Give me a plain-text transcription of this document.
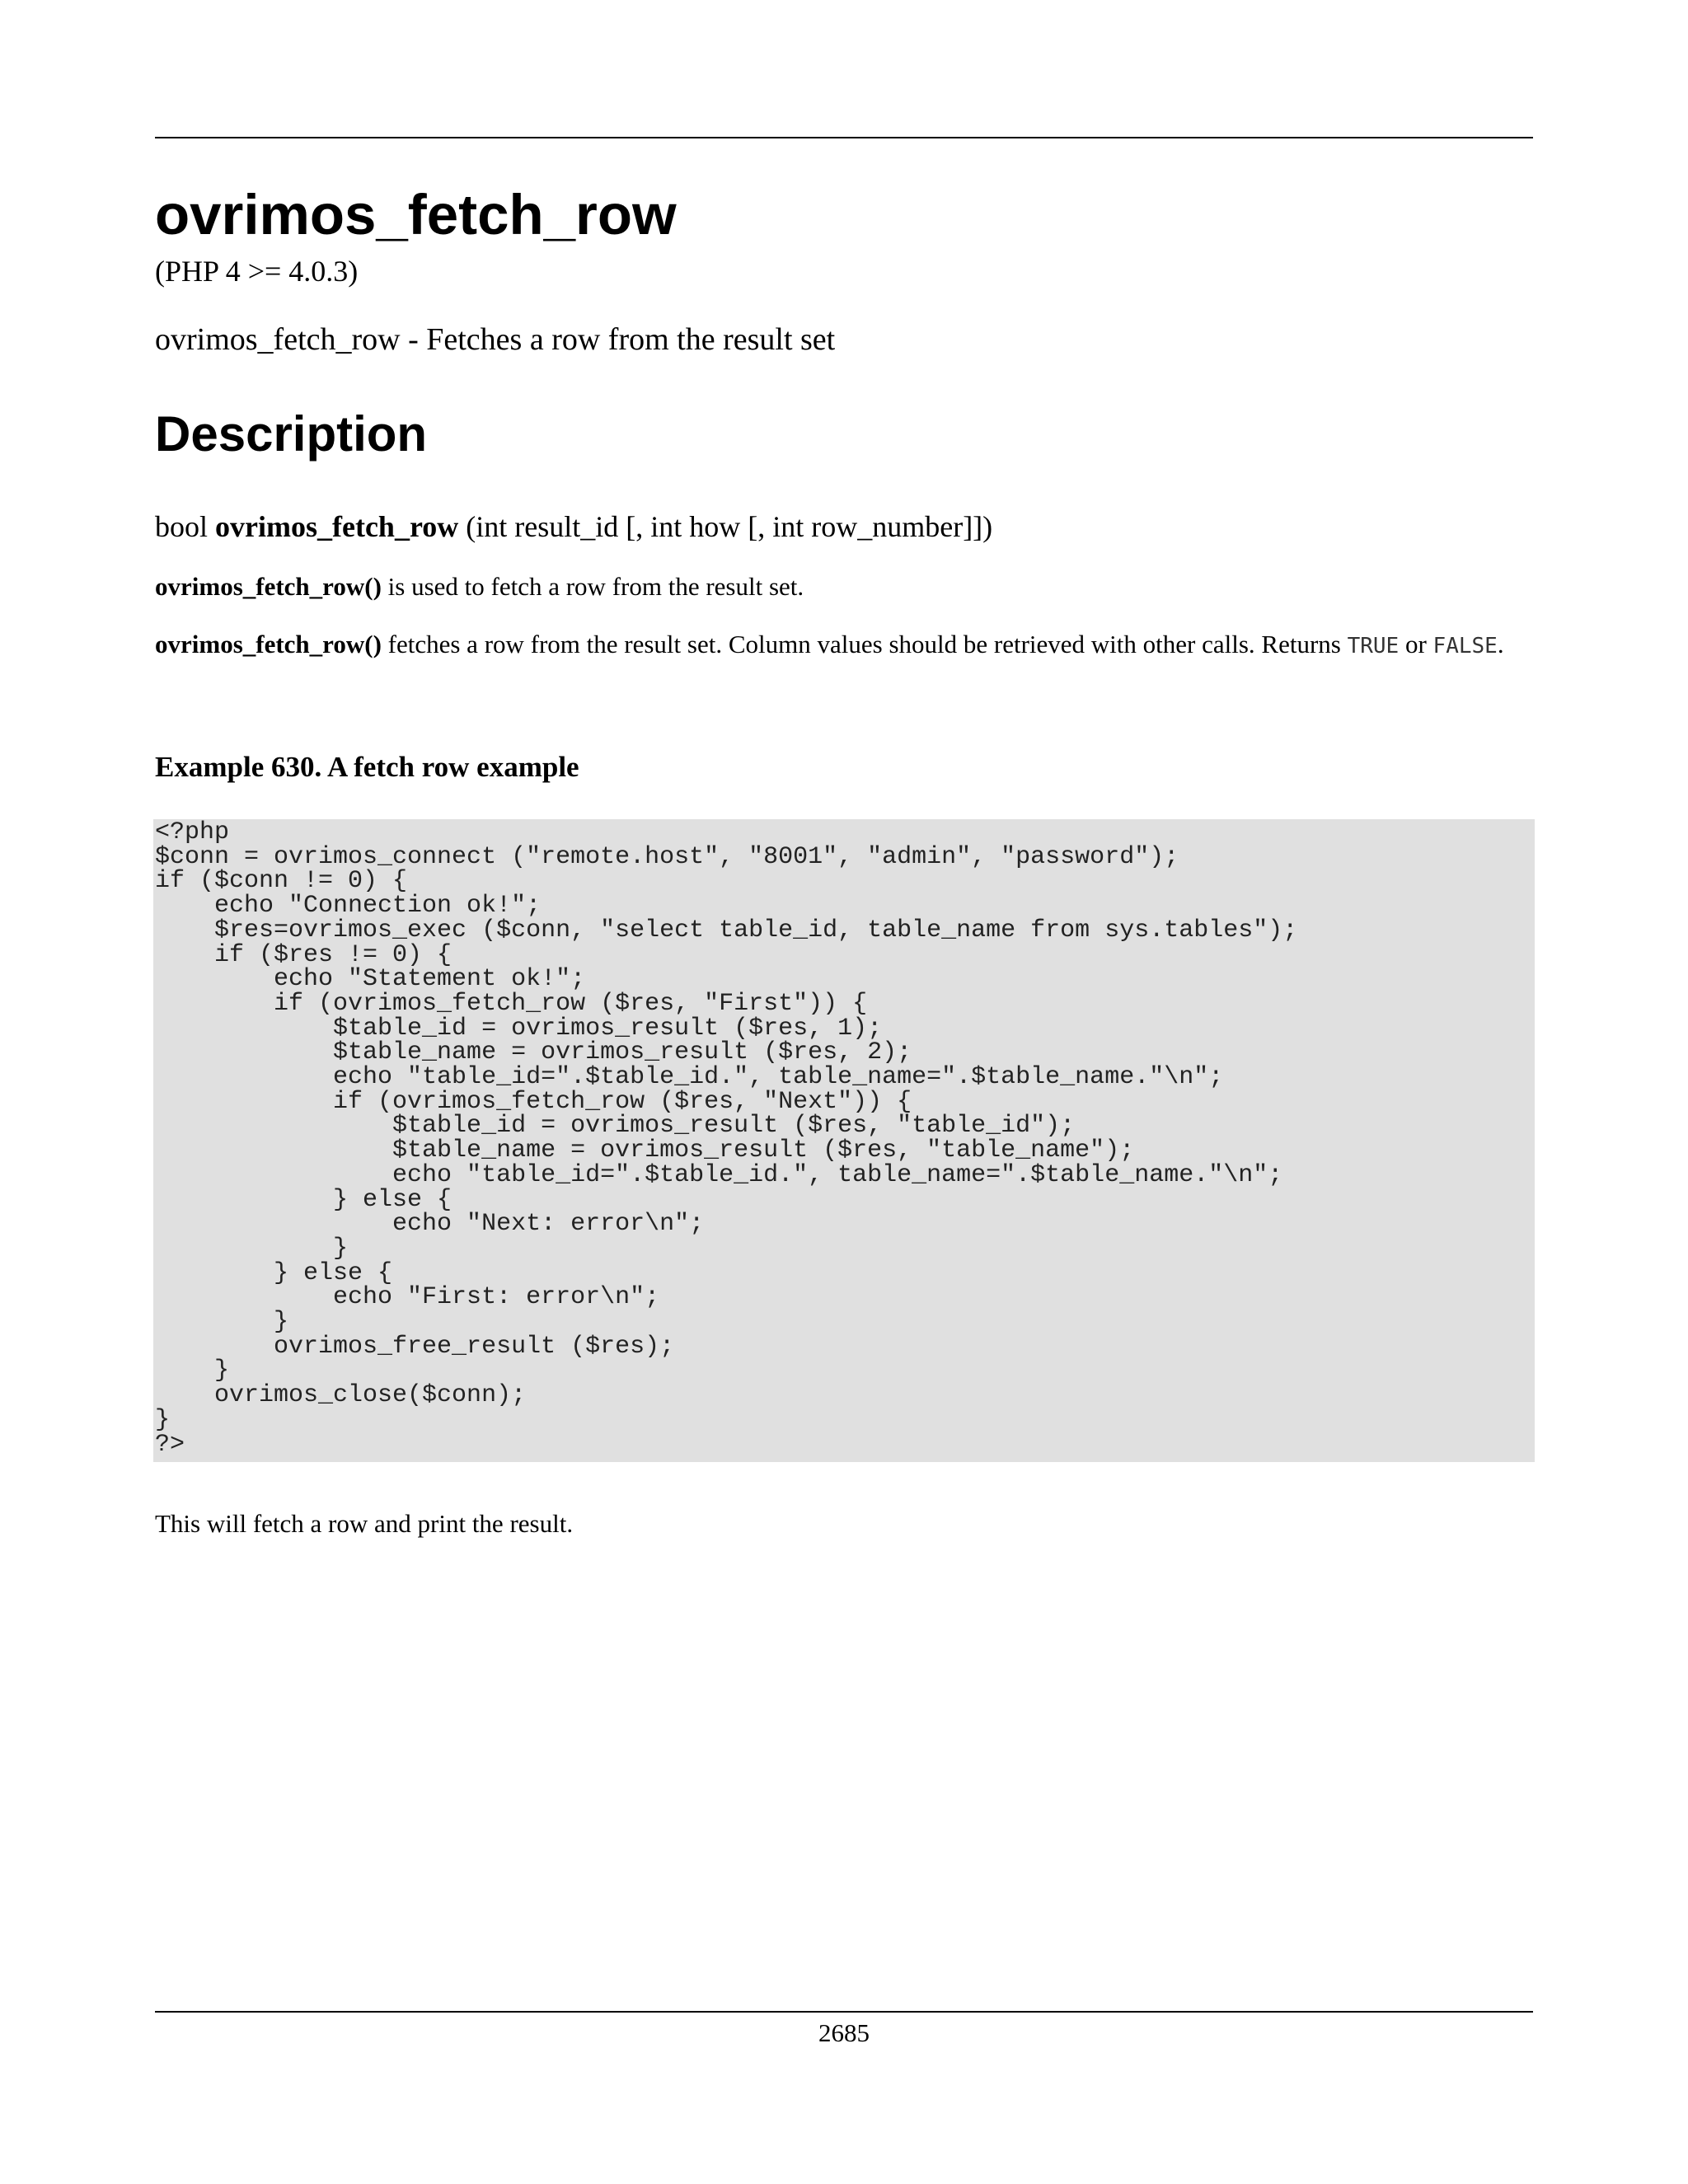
ovrimos_fetch_row
(PHP 4 >= 4.0.3)
ovrimos_fetch_row - Fetches a row from the result set
Description
bool ovrimos_fetch_row (int result_id [, int how [, int row_number]])
ovrimos_fetch_row() is used to fetch a row from the result set.
ovrimos_fetch_row() fetches a row from the result set. Column values should be retrieved with other calls. Returns TRUE or FALSE.
Example 630. A fetch row example
<?php
$conn = ovrimos_connect ("remote.host", "8001", "admin", "password");
if ($conn != 0) {
echo "Connection ok!";
$res=ovrimos_exec ($conn, "select table_id, table_name from sys.tables");
if ($res != 0) {
echo "Statement ok!";
if (ovrimos_fetch_row ($res, "First")) {
$table_id = ovrimos_result ($res, 1);
$table_name = ovrimos_result ($res, 2);
echo "table_id=".$table_id.", table_name=".$table_name."\n";
if (ovrimos_fetch_row ($res, "Next")) {
$table_id = ovrimos_result ($res, "table_id");
$table_name = ovrimos_result ($res, "table_name");
echo "table_id=".$table_id.", table_name=".$table_name."\n";
} else {
echo "Next: error\n";
}
} else {
echo "First: error\n";
}
ovrimos_free_result ($res);
}
ovrimos_close($conn);
}
?>
This will fetch a row and print the result.
2685
